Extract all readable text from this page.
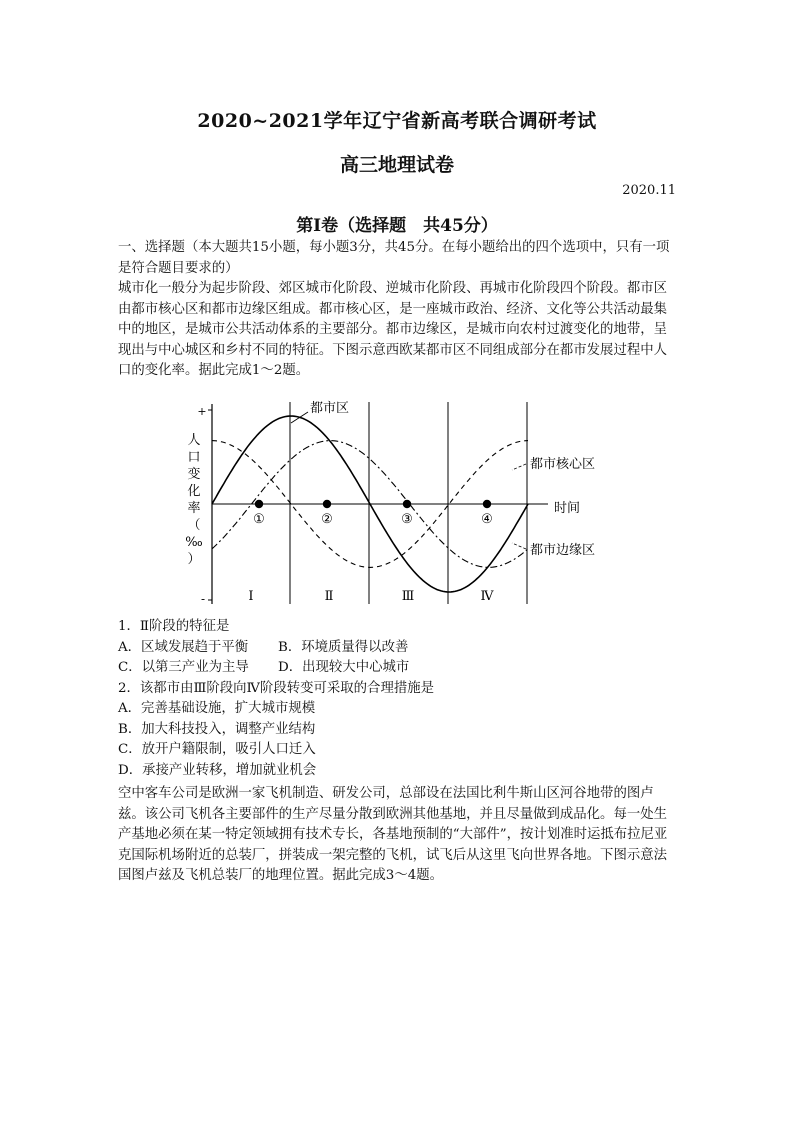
2020~2021学年辽宁省新高考联合调研考试
高三地理试卷
2020.11
第Ⅰ卷（选择题　共45分）

一、选择题（本大题共15小题，每小题3分，共45分。在每小题给出的四个选项中，只有一项是符合题目要求的）

城市化一般分为起步阶段、郊区城市化阶段、逆城市化阶段、再城市化阶段四个阶段。都市区由都市核心区和都市边缘区组成。都市核心区，是一座城市政治、经济、文化等公共活动最集中的地区，是城市公共活动体系的主要部分。都市边缘区，是城市向农村过渡变化的地带，呈现出与中心城区和乡村不同的特征。下图示意西欧某都市区不同组成部分在都市发展过程中人口的变化率。据此完成1～2题。

+
-
时间
人
口
变
化
率
（
‰
）
Ⅰ	Ⅱ	Ⅲ	Ⅳ
都市区
都市核心区
都市边缘区
①	②	③	④

1．Ⅱ阶段的特征是

A．区域发展趋于平衡 B．环境质量得以改善

C．以第三产业为主导 D．出现较大中心城市

2．该都市由Ⅲ阶段向Ⅳ阶段转变可采取的合理措施是

A．完善基础设施，扩大城市规模

B．加大科技投入，调整产业结构

C．放开户籍限制，吸引人口迁入

D．承接产业转移，增加就业机会

空中客车公司是欧洲一家飞机制造、研发公司，总部设在法国比利牛斯山区河谷地带的图卢兹。该公司飞机各主要部件的生产尽量分散到欧洲其他基地，并且尽量做到成品化。每一处生产基地必须在某一特定领域拥有技术专长，各基地预制的“大部件”，按计划准时运抵布拉尼亚克国际机场附近的总装厂，拼装成一架完整的飞机，试飞后从这里飞向世界各地。下图示意法国图卢兹及飞机总装厂的地理位置。据此完成3～4题。
